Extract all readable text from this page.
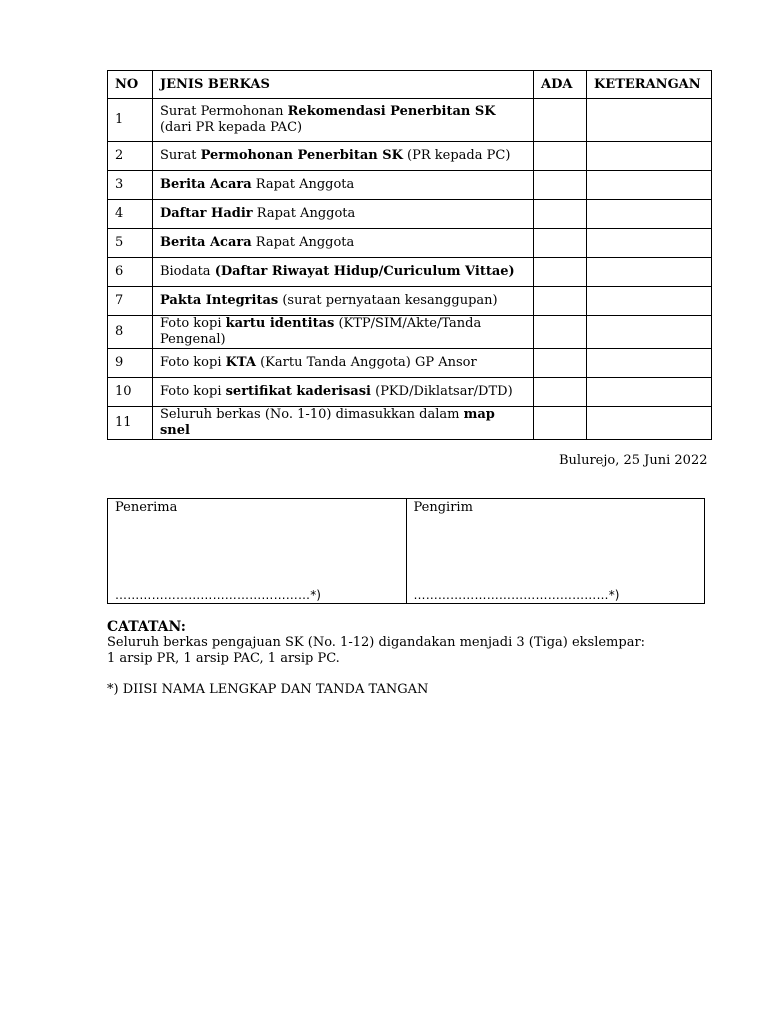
NO	JENIS BERKAS	ADA	KETERANGAN
1	Surat Permohonan Rekomendasi Penerbitan SK (dari PR kepada PAC)		
2	Surat Permohonan Penerbitan SK (PR kepada PC)		
3	Berita Acara Rapat Anggota		
4	Daftar Hadir Rapat Anggota		
5	Berita Acara Rapat Anggota		
6	Biodata (Daftar Riwayat Hidup/Curiculum Vittae)		
7	Pakta Integritas (surat pernyataan kesanggupan)		
8	Foto kopi kartu identitas (KTP/SIM/Akte/Tanda Pengenal)		
9	Foto kopi KTA (Kartu Tanda Anggota) GP Ansor		
10	Foto kopi sertifikat kaderisasi (PKD/Diklatsar/DTD)		
11	Seluruh berkas (No. 1-10) dimasukkan dalam map snel		
Bulurejo, 25 Juni 2022
Penerima
…………………………………………*)

Pengirim
…………………………………………*)
CATATAN:
Seluruh berkas pengajuan SK (No. 1-12) digandakan menjadi 3 (Tiga) ekslempar:
1 arsip PR, 1 arsip PAC, 1 arsip PC.
*) DIISI NAMA LENGKAP DAN TANDA TANGAN
